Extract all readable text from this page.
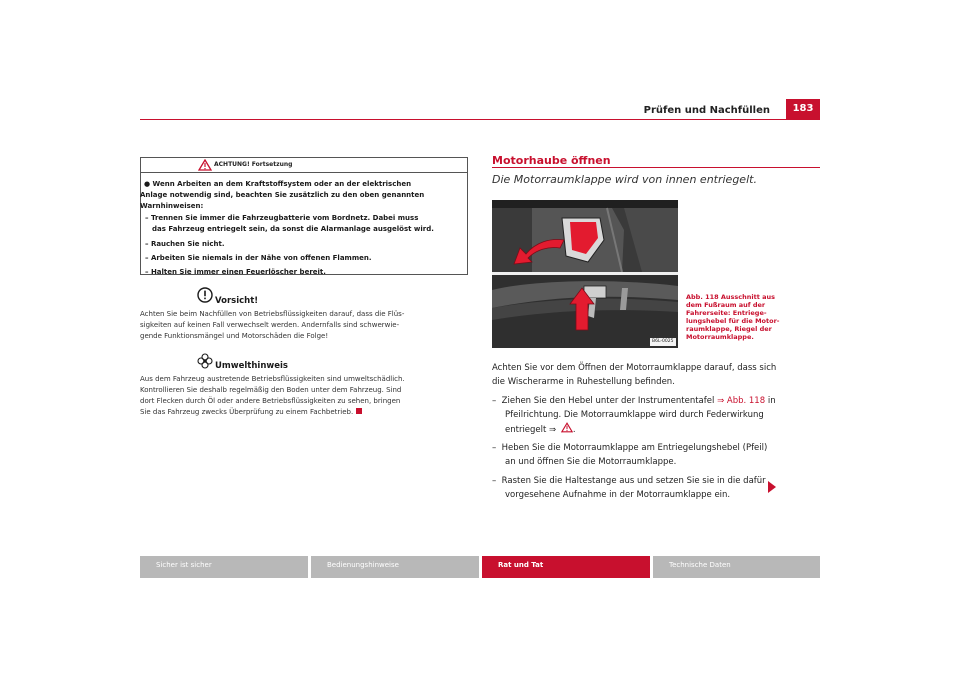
Prüfen und Nachfüllen	183
ACHTUNG! Fortsetzung
● Wenn Arbeiten an dem Kraftstoffsystem oder an der elektrischen
Anlage notwendig sind, beachten Sie zusätzlich zu den oben genannten
Warnhinweisen:
– Trennen Sie immer die Fahrzeugbatterie vom Bordnetz. Dabei muss
das Fahrzeug entriegelt sein, da sonst die Alarmanlage ausgelöst wird.
– Rauchen Sie nicht.
– Arbeiten Sie niemals in der Nähe von offenen Flammen.
– Halten Sie immer einen Feuerlöscher bereit.
Vorsicht!
Achten Sie beim Nachfüllen von Betriebsflüssigkeiten darauf, dass die Flüs-
sigkeiten auf keinen Fall verwechselt werden. Andernfalls sind schwerwie-
gende Funktionsmängel und Motorschäden die Folge!
Umwelthinweis
Aus dem Fahrzeug austretende Betriebsflüssigkeiten sind umweltschädlich.
Kontrollieren Sie deshalb regelmäßig den Boden unter dem Fahrzeug. Sind
dort Flecken durch Öl oder andere Betriebsflüssigkeiten zu sehen, bringen
Sie das Fahrzeug zwecks Überprüfung zu einem Fachbetrieb.
Motorhaube öffnen
Die Motorraumklappe wird von innen entriegelt.
B6L-0025
Abb. 118 Ausschnitt aus
dem Fußraum auf der
Fahrerseite: Entriege-
lungshebel für die Motor-
raumklappe, Riegel der
Motorraumklappe.
Achten Sie vor dem Öffnen der Motorraumklappe darauf, dass sich
die Wischerarme in Ruhestellung befinden.
–  Ziehen Sie den Hebel unter der Instrumententafel ⇒ Abb. 118 in
Pfeilrichtung. Die Motorraumklappe wird durch Federwirkung
entriegelt ⇒ .
–  Heben Sie die Motorraumklappe am Entriegelungshebel (Pfeil)
an und öffnen Sie die Motorraumklappe.
–  Rasten Sie die Haltestange aus und setzen Sie sie in die dafür
vorgesehene Aufnahme in der Motorraumklappe ein.
Sicher ist sicher	Bedienungshinweise	Rat und Tat	Technische Daten
